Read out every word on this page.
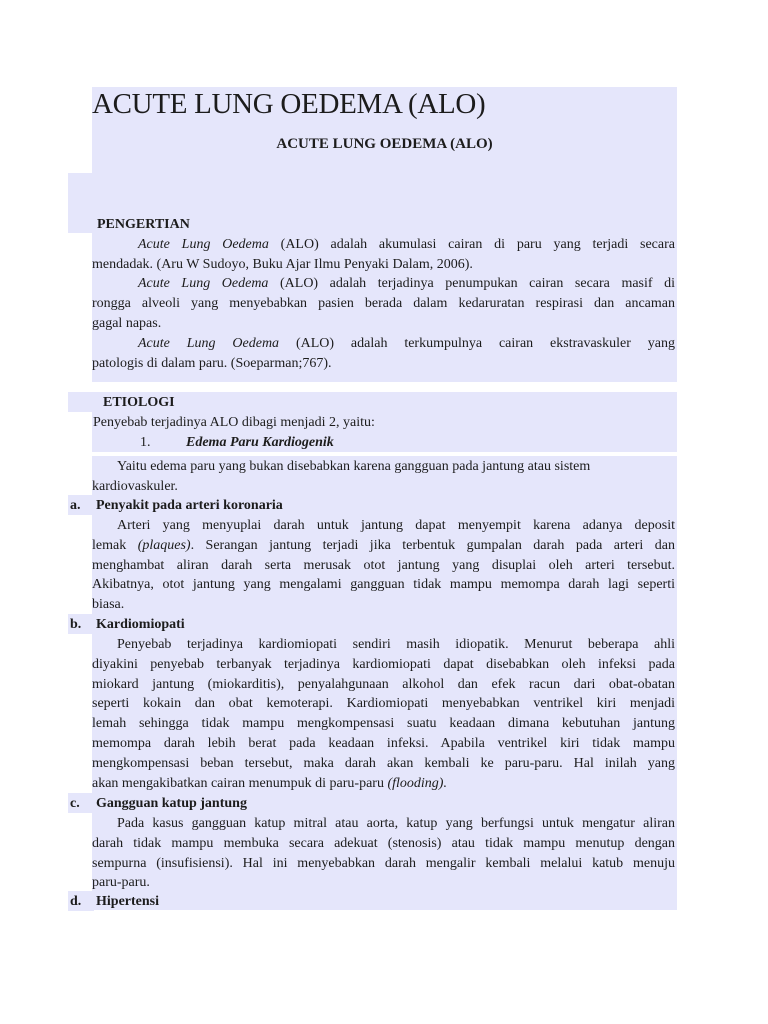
ACUTE LUNG OEDEMA (ALO)
ACUTE LUNG OEDEMA (ALO)
PENGERTIAN
Acute Lung Oedema (ALO) adalah akumulasi cairan di paru yang terjadi secara
mendadak. (Aru W Sudoyo, Buku Ajar Ilmu Penyaki Dalam, 2006).
Acute Lung Oedema (ALO) adalah terjadinya penumpukan cairan secara masif di
rongga alveoli yang menyebabkan pasien berada dalam kedaruratan respirasi dan ancaman
gagal napas.
Acute Lung Oedema (ALO) adalah terkumpulnya cairan ekstravaskuler yang
patologis di dalam paru. (Soeparman;767).
ETIOLOGI
Penyebab terjadinya ALO dibagi menjadi 2, yaitu:
1.	Edema Paru Kardiogenik
Yaitu edema paru yang bukan disebabkan karena gangguan pada jantung atau sistem
kardiovaskuler.
a. Penyakit pada arteri koronaria
Arteri yang menyuplai darah untuk jantung dapat menyempit karena adanya deposit
lemak (plaques). Serangan jantung terjadi jika terbentuk gumpalan darah pada arteri dan
menghambat aliran darah serta merusak otot jantung yang disuplai oleh arteri tersebut.
Akibatnya, otot jantung yang mengalami gangguan tidak mampu memompa darah lagi seperti
biasa.
b. Kardiomiopati
Penyebab terjadinya kardiomiopati sendiri masih idiopatik. Menurut beberapa ahli
diyakini penyebab terbanyak terjadinya kardiomiopati dapat disebabkan oleh infeksi pada
miokard jantung (miokarditis), penyalahgunaan alkohol dan efek racun dari obat-obatan
seperti kokain dan obat kemoterapi. Kardiomiopati menyebabkan ventrikel kiri menjadi
lemah sehingga tidak mampu mengkompensasi suatu keadaan dimana kebutuhan jantung
memompa darah lebih berat pada keadaan infeksi. Apabila ventrikel kiri tidak mampu
mengkompensasi beban tersebut, maka darah akan kembali ke paru-paru. Hal inilah yang
akan mengakibatkan cairan menumpuk di paru-paru (flooding).
c. Gangguan katup jantung
Pada kasus gangguan katup mitral atau aorta, katup yang berfungsi untuk mengatur aliran
darah tidak mampu membuka secara adekuat (stenosis) atau tidak mampu menutup dengan
sempurna (insufisiensi). Hal ini menyebabkan darah mengalir kembali melalui katub menuju
paru-paru.
d. Hipertensi
